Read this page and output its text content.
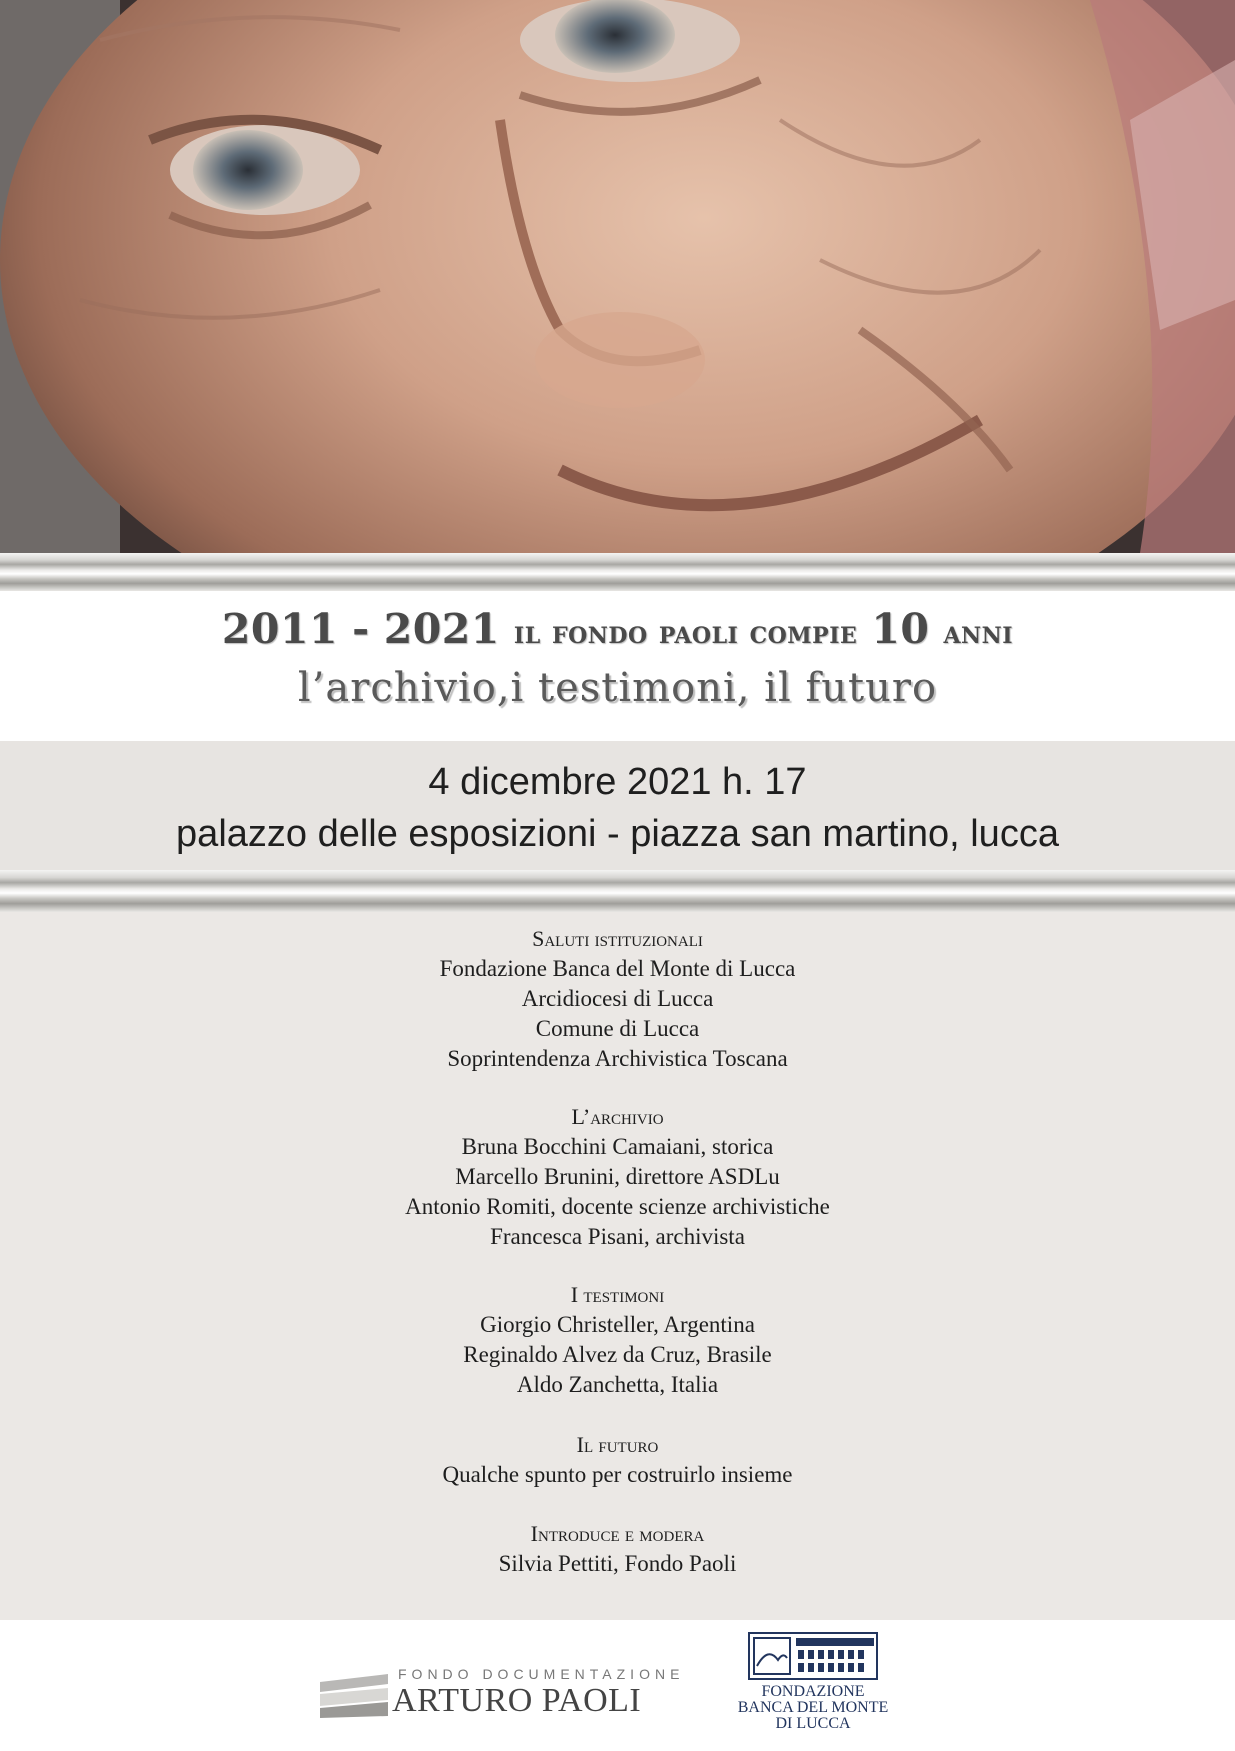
2011 - 2021 il fondo paoli compie 10 anni
l’archivio,i testimoni, il futuro
4 dicembre 2021 h. 17
palazzo delle esposizioni - piazza san martino, lucca
Saluti istituzionali
Fondazione Banca del Monte di Lucca
Arcidiocesi di Lucca
Comune di Lucca
Soprintendenza Archivistica Toscana
L’archivio
Bruna Bocchini Camaiani, storica
Marcello Brunini, direttore ASDLu
Antonio Romiti, docente scienze archivistiche
Francesca Pisani, archivista
I testimoni
Giorgio Christeller, Argentina
Reginaldo Alvez da Cruz, Brasile
Aldo Zanchetta, Italia
Il futuro
Qualche spunto per costruirlo insieme
Introduce e modera
Silvia Pettiti, Fondo Paoli
FONDO DOCUMENTAZIONE
ARTURO PAOLI	FONDAZIONE
BANCA DEL MONTE
DI LUCCA
